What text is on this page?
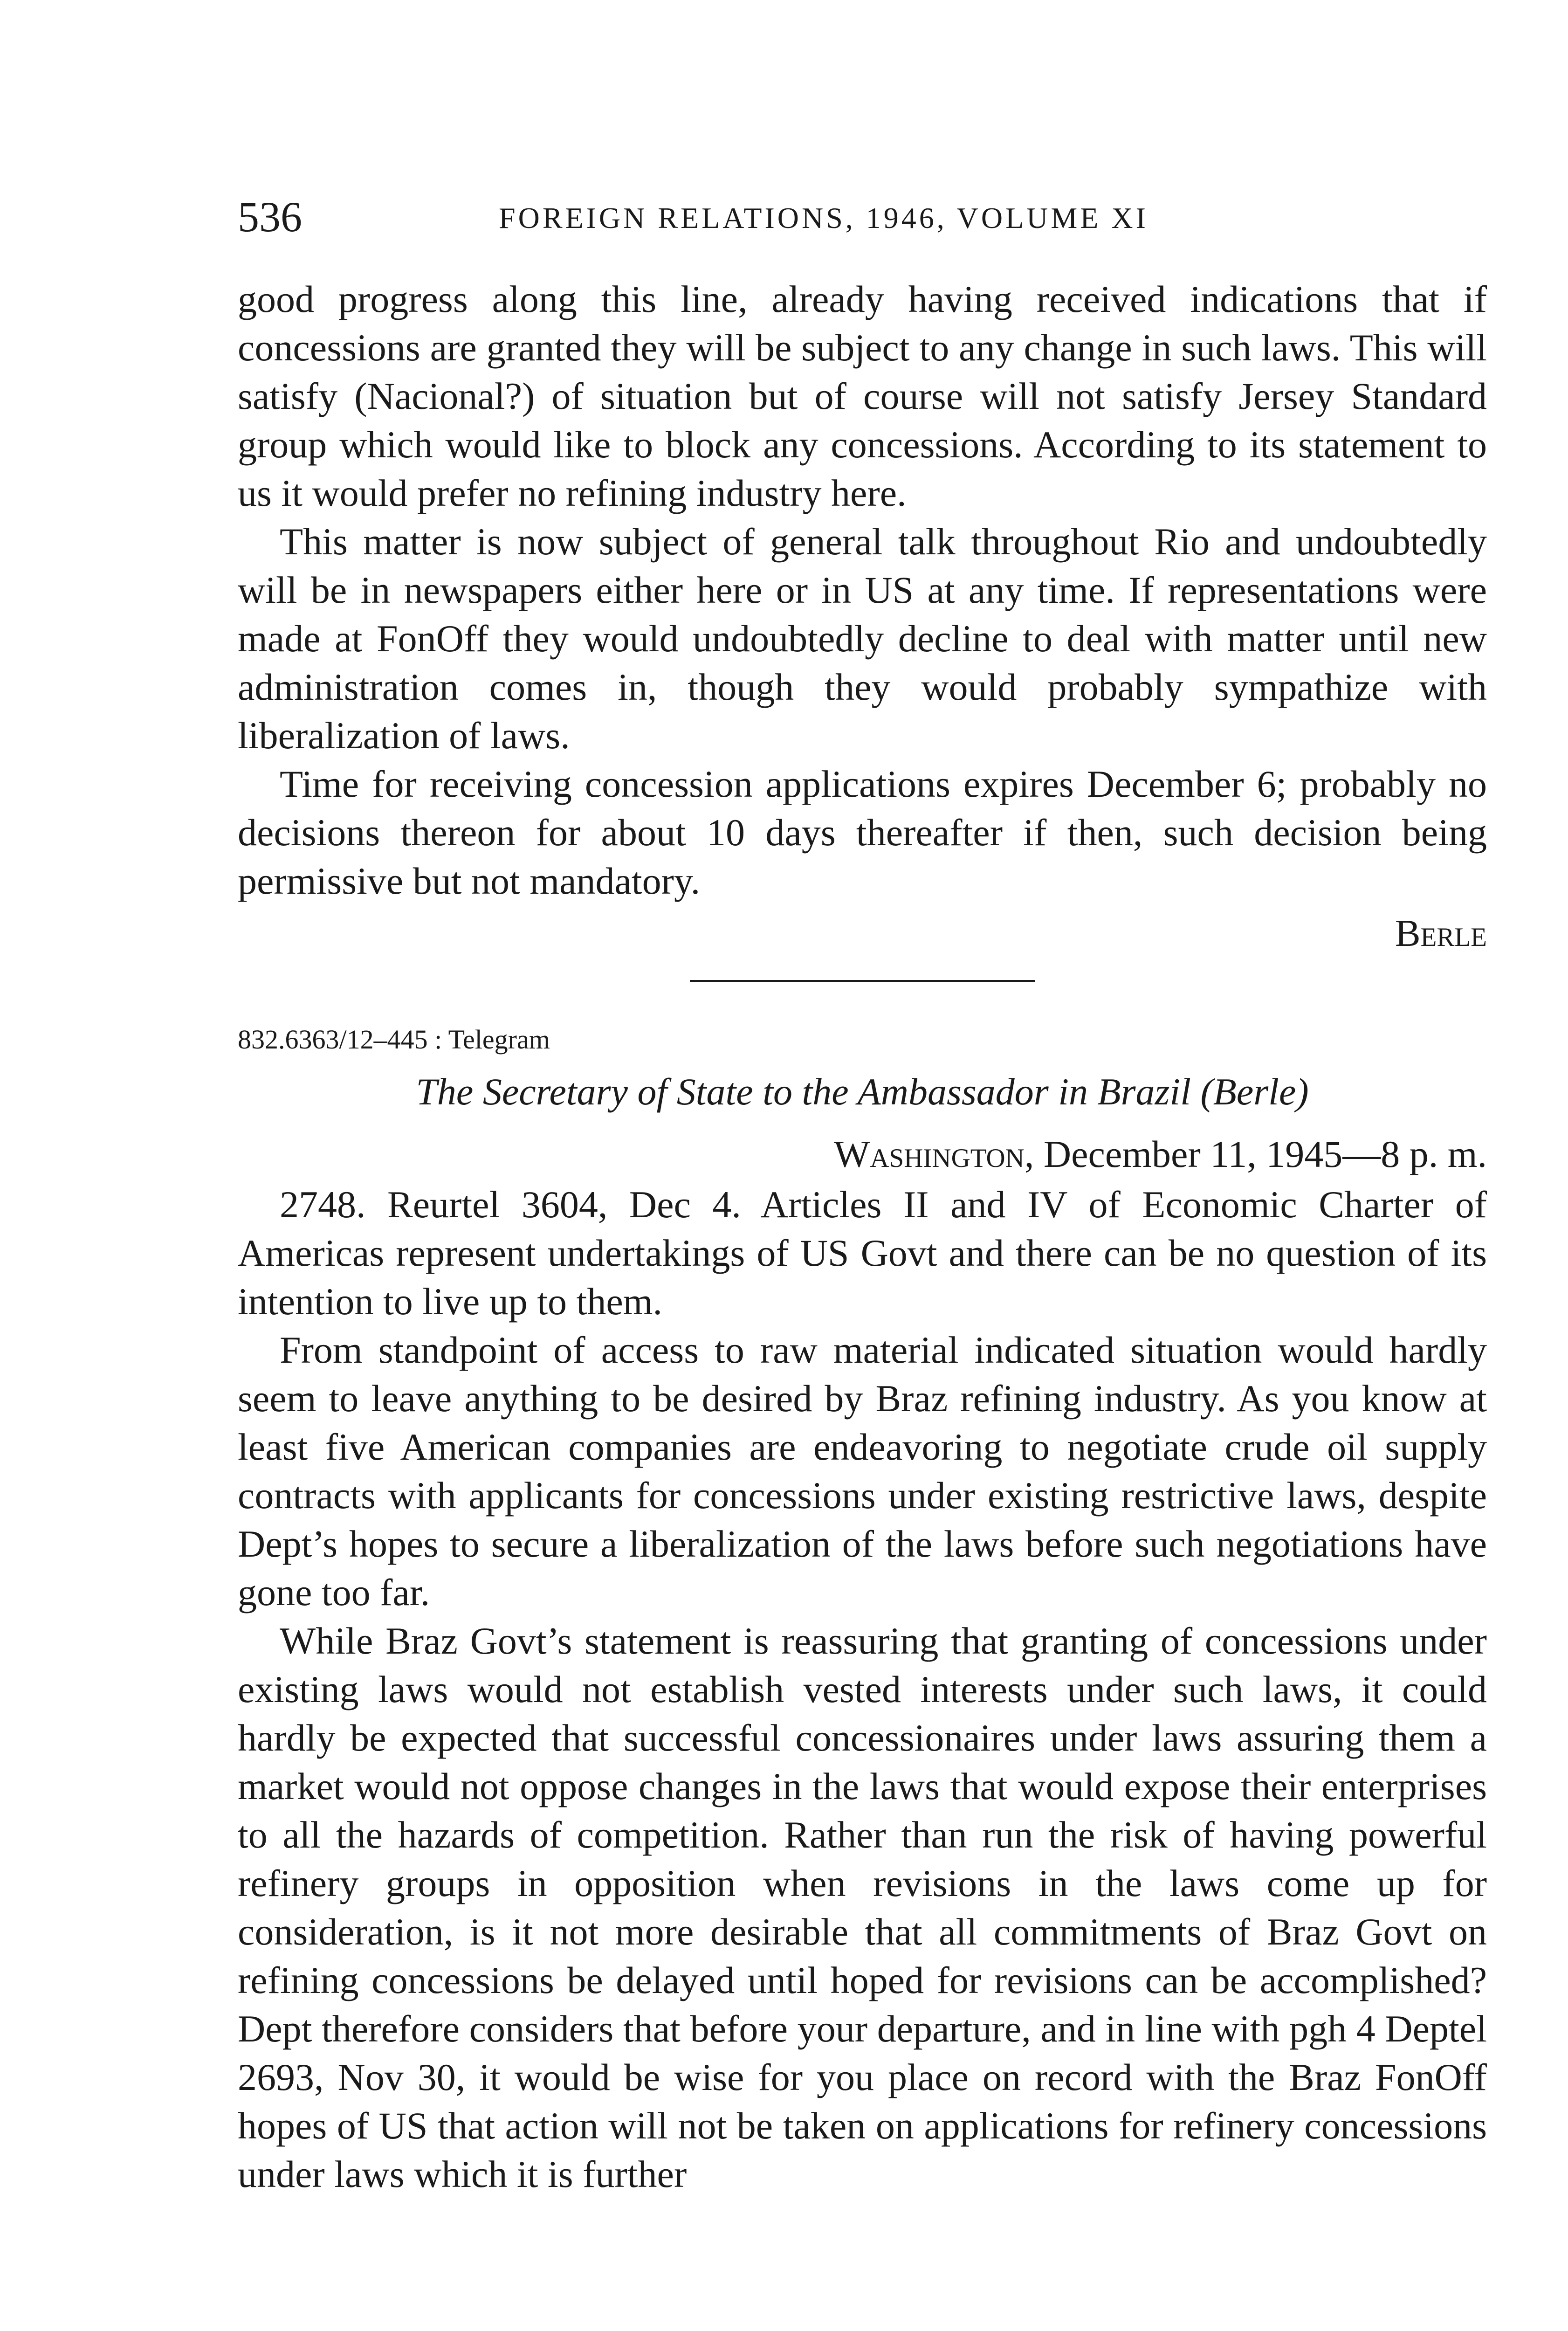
536	FOREIGN RELATIONS, 1946, VOLUME XI

good progress along this line, already having received indications that if concessions are granted they will be subject to any change in such laws. This will satisfy (Nacional?) of situation but of course will not satisfy Jersey Standard group which would like to block any concessions. According to its statement to us it would prefer no refining industry here.

This matter is now subject of general talk throughout Rio and undoubtedly will be in newspapers either here or in US at any time. If representations were made at FonOff they would undoubtedly decline to deal with matter until new administration comes in, though they would probably sympathize with liberalization of laws.

Time for receiving concession applications expires December 6; probably no decisions thereon for about 10 days thereafter if then, such decision being permissive but not mandatory.

Berle

832.6363/12–445 : Telegram

The Secretary of State to the Ambassador in Brazil (Berle)

Washington, December 11, 1945—8 p. m.

2748. Reurtel 3604, Dec 4. Articles II and IV of Economic Charter of Americas represent undertakings of US Govt and there can be no question of its intention to live up to them.

From standpoint of access to raw material indicated situation would hardly seem to leave anything to be desired by Braz refining industry. As you know at least five American companies are endeavoring to negotiate crude oil supply contracts with applicants for concessions under existing restrictive laws, despite Dept’s hopes to secure a liberalization of the laws before such negotiations have gone too far.

While Braz Govt’s statement is reassuring that granting of concessions under existing laws would not establish vested interests under such laws, it could hardly be expected that successful concessionaires under laws assuring them a market would not oppose changes in the laws that would expose their enterprises to all the hazards of competition. Rather than run the risk of having powerful refinery groups in opposition when revisions in the laws come up for consideration, is it not more desirable that all commitments of Braz Govt on refining concessions be delayed until hoped for revisions can be accomplished? Dept therefore considers that before your departure, and in line with pgh 4 Deptel 2693, Nov 30, it would be wise for you place on record with the Braz FonOff hopes of US that action will not be taken on applications for refinery concessions under laws which it is further
